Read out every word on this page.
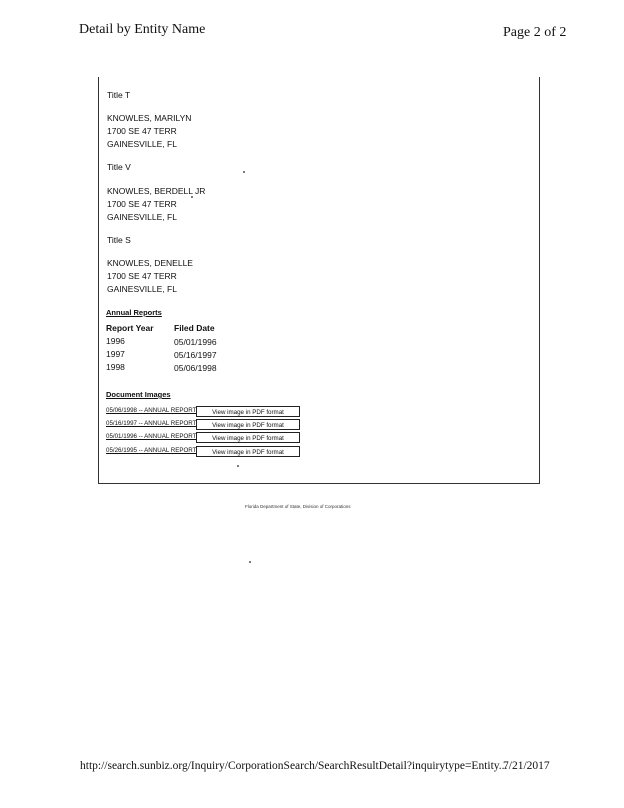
Detail by Entity Name	Page 2 of 2
Title T
KNOWLES, MARILYN
1700 SE 47 TERR
GAINESVILLE, FL
Title V
KNOWLES, BERDELL JR
1700 SE 47 TERR
GAINESVILLE, FL
Title S
KNOWLES, DENELLE
1700 SE 47 TERR
GAINESVILLE, FL
Annual Reports
Report Year Filed Date
1996	05/01/1996
1997	05/16/1997
1998	05/06/1998
Document Images
05/06/1998 -- ANNUAL REPORT	View image in PDF format
05/16/1997 -- ANNUAL REPORT	View image in PDF format
05/01/1996 -- ANNUAL REPORT	View image in PDF format
05/26/1995 -- ANNUAL REPORT	View image in PDF format
Florida Department of State, Division of Corporations
http://search.sunbiz.org/Inquiry/CorporationSearch/SearchResultDetail?inquirytype=Entity...
7/21/2017
